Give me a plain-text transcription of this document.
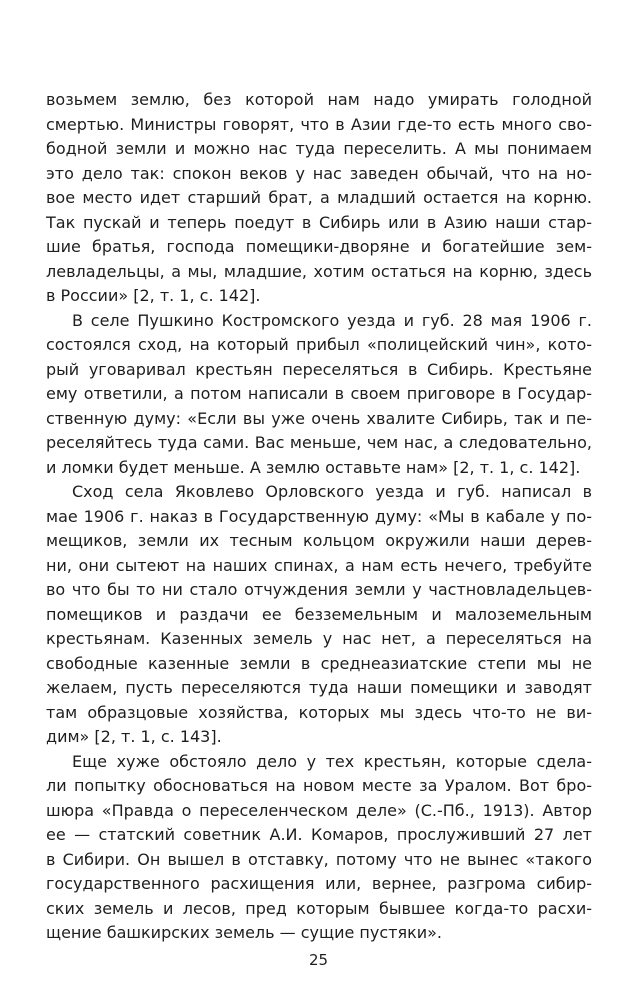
возьмем землю, без которой нам надо умирать голодной
смертью. Министры говорят, что в Азии где-то есть много сво-
бодной земли и можно нас туда переселить. А мы понимаем
это дело так: спокон веков у нас заведен обычай, что на но-
вое место идет старший брат, а младший остается на корню.
Так пускай и теперь поедут в Сибирь или в Азию наши стар-
шие братья, господа помещики-дворяне и богатейшие зем-
левладельцы, а мы, младшие, хотим остаться на корню, здесь
в России» [2, т. 1, с. 142].
В селе Пушкино Костромского уезда и губ. 28 мая 1906 г.
состоялся сход, на который прибыл «полицейский чин», кото-
рый уговаривал крестьян переселяться в Сибирь. Крестьяне
ему ответили, а потом написали в своем приговоре в Государ-
ственную думу: «Если вы уже очень хвалите Сибирь, так и пе-
реселяйтесь туда сами. Вас меньше, чем нас, а следовательно,
и ломки будет меньше. А землю оставьте нам» [2, т. 1, с. 142].
Сход села Яковлево Орловского уезда и губ. написал в
мае 1906 г. наказ в Государственную думу: «Мы в кабале у по-
мещиков, земли их тесным кольцом окружили наши дерев-
ни, они сытеют на наших спинах, а нам есть нечего, требуйте
во что бы то ни стало отчуждения земли у частновладельцев-
помещиков и раздачи ее безземельным и малоземельным
крестьянам. Казенных земель у нас нет, а переселяться на
свободные казенные земли в среднеазиатские степи мы не
желаем, пусть переселяются туда наши помещики и заводят
там образцовые хозяйства, которых мы здесь что-то не ви-
дим» [2, т. 1, с. 143].
Еще хуже обстояло дело у тех крестьян, которые сдела-
ли попытку обосноваться на новом месте за Уралом. Вот бро-
шюра «Правда о переселенческом деле» (С.-Пб., 1913). Автор
ее — статский советник А.И. Комаров, прослуживший 27 лет
в Сибири. Он вышел в отставку, потому что не вынес «такого
государственного расхищения или, вернее, разгрома сибир-
ских земель и лесов, пред которым бывшее когда-то расхи-
щение башкирских земель — сущие пустяки».
25
